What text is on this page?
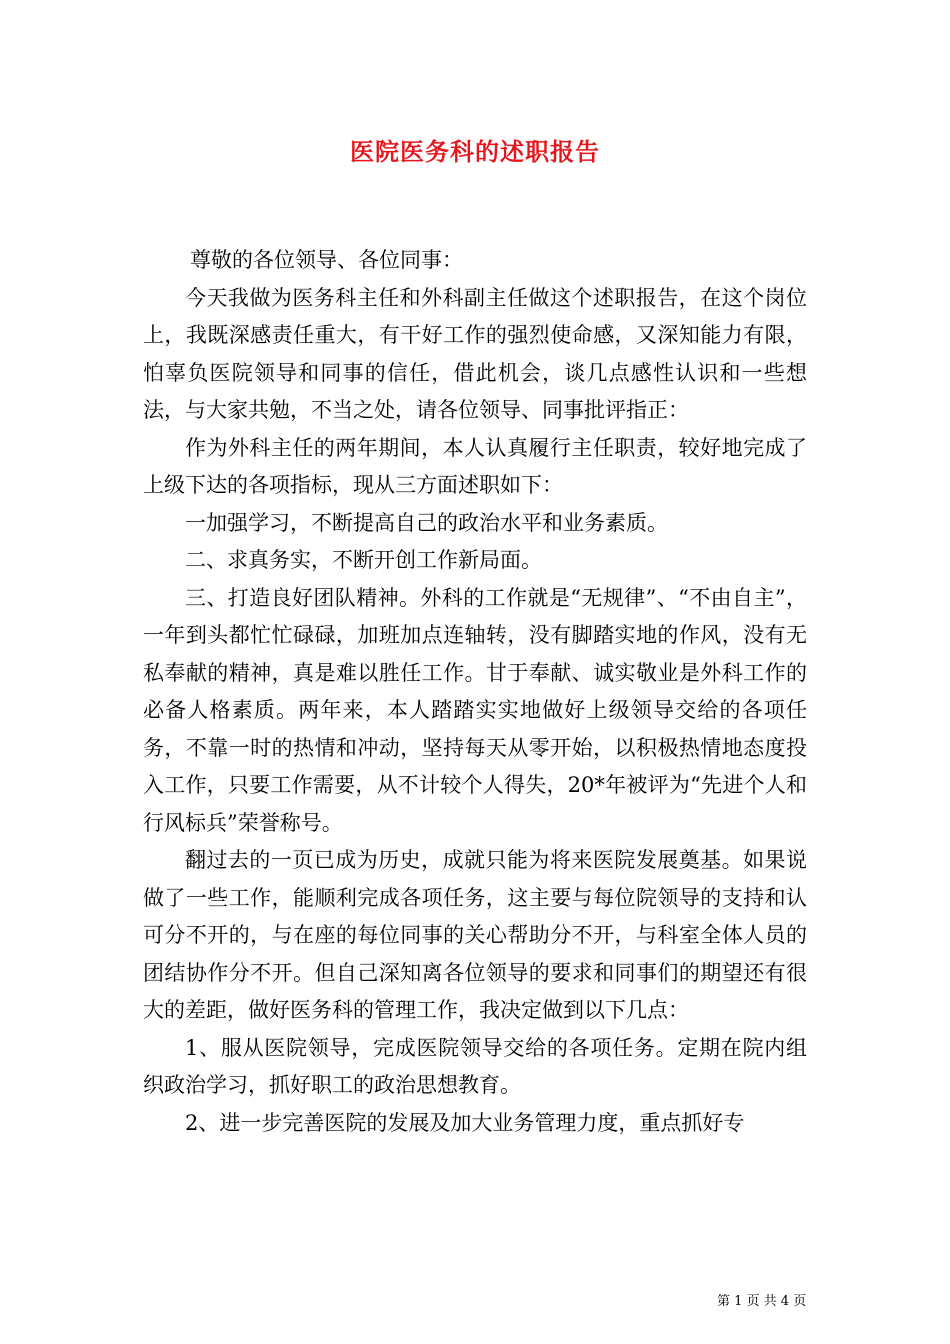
医院医务科的述职报告

尊敬的各位领导、各位同事：

今天我做为医务科主任和外科副主任做这个述职报告，在这个岗位上，我既深感责任重大，有干好工作的强烈使命感，又深知能力有限，怕辜负医院领导和同事的信任，借此机会，谈几点感性认识和一些想法，与大家共勉，不当之处，请各位领导、同事批评指正：

作为外科主任的两年期间，本人认真履行主任职责，较好地完成了上级下达的各项指标，现从三方面述职如下：

一加强学习，不断提高自己的政治水平和业务素质。

二、求真务实，不断开创工作新局面。

三、打造良好团队精神。外科的工作就是“无规律”、“不由自主”，一年到头都忙忙碌碌，加班加点连轴转，没有脚踏实地的作风，没有无私奉献的精神，真是难以胜任工作。甘于奉献、诚实敬业是外科工作的必备人格素质。两年来，本人踏踏实实地做好上级领导交给的各项任务，不靠一时的热情和冲动，坚持每天从零开始，以积极热情地态度投入工作，只要工作需要，从不计较个人得失，20*年被评为“先进个人和行风标兵”荣誉称号。

翻过去的一页已成为历史，成就只能为将来医院发展奠基。如果说做了一些工作，能顺利完成各项任务，这主要与每位院领导的支持和认可分不开的，与在座的每位同事的关心帮助分不开，与科室全体人员的团结协作分不开。但自己深知离各位领导的要求和同事们的期望还有很大的差距，做好医务科的管理工作，我决定做到以下几点：

1、服从医院领导，完成医院领导交给的各项任务。定期在院内组织政治学习，抓好职工的政治思想教育。

2、进一步完善医院的发展及加大业务管理力度，重点抓好专

第 1 页 共 4 页
